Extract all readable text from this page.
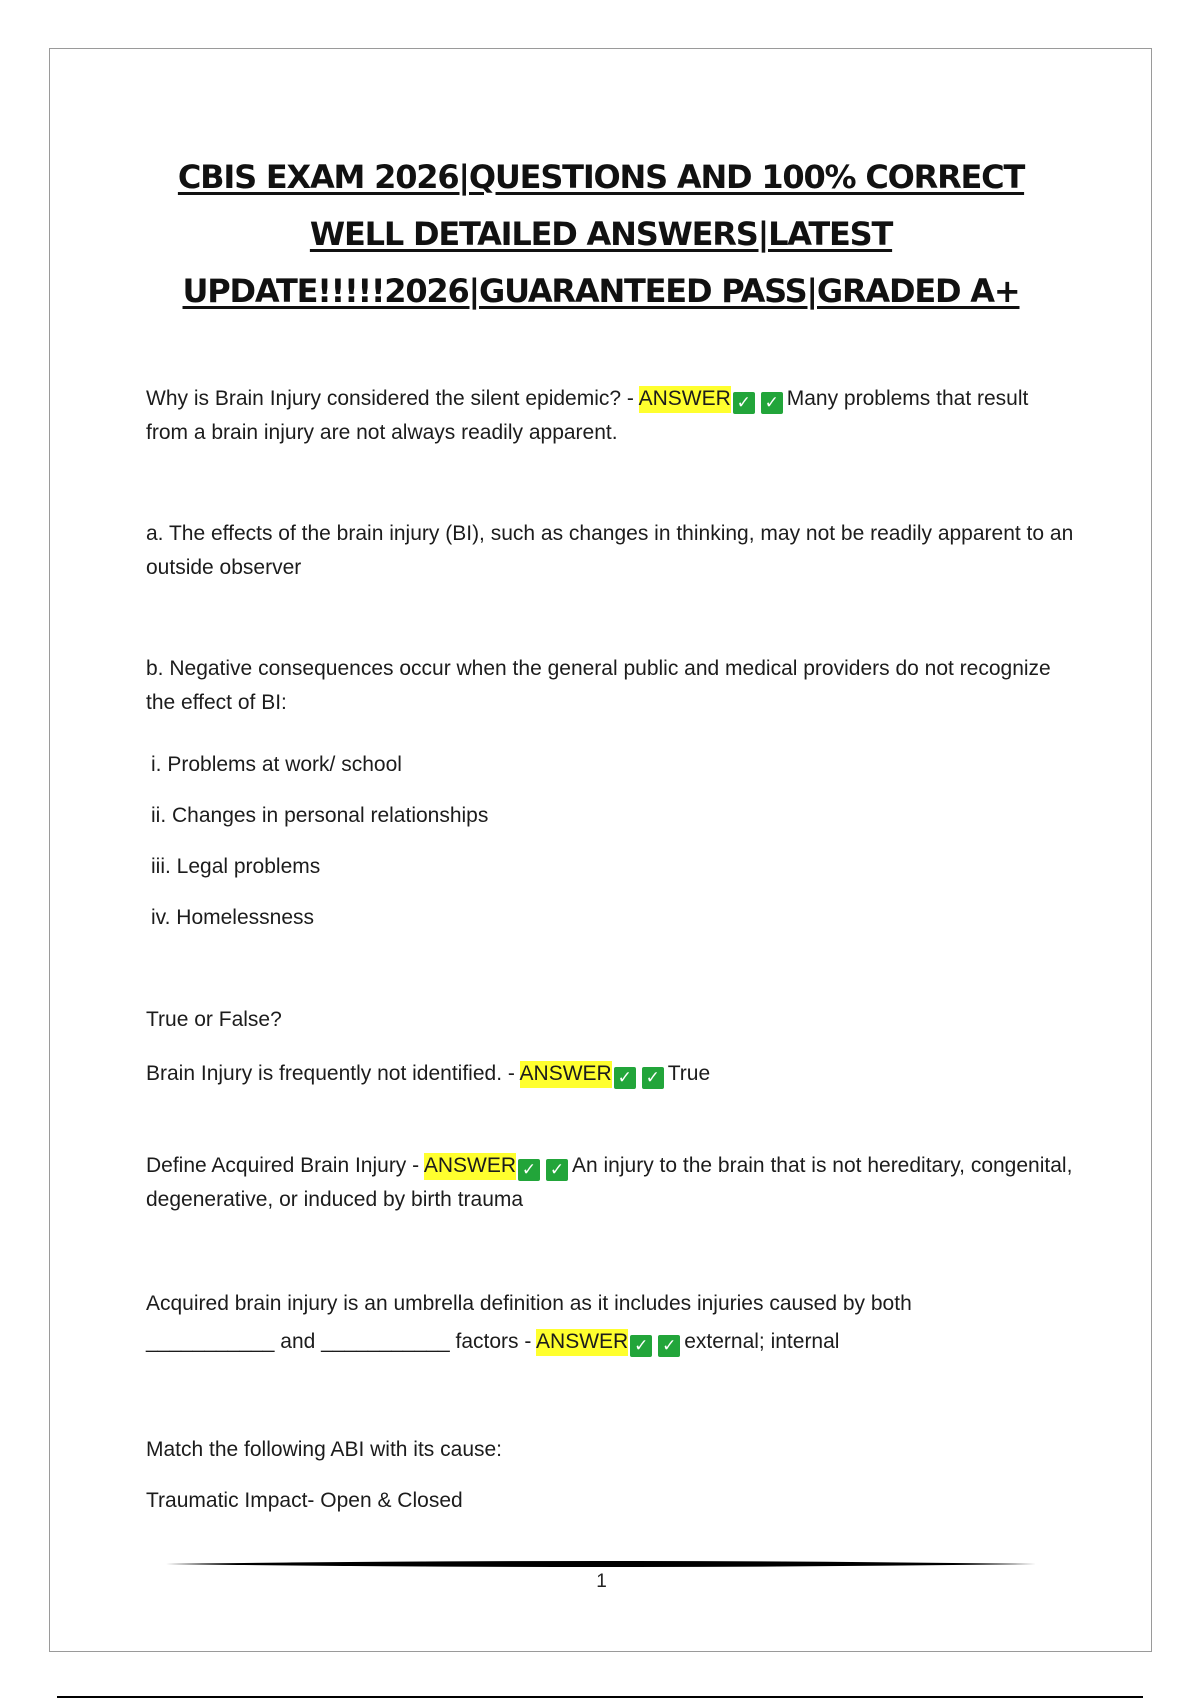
CBIS EXAM 2026|QUESTIONS AND 100% CORRECT
WELL DETAILED ANSWERS|LATEST
UPDATE!!!!!2026|GUARANTEED PASS|GRADED A+

Why is Brain Injury considered the silent epidemic? - ANSWER ✓ ✓ Many problems that result from a brain injury are not always readily apparent.

a. The effects of the brain injury (BI), such as changes in thinking, may not be readily apparent to an outside observer

b. Negative consequences occur when the general public and medical providers do not recognize the effect of BI:

i. Problems at work/ school

ii. Changes in personal relationships

iii. Legal problems

iv. Homelessness

True or False?

Brain Injury is frequently not identified. - ANSWER ✓ ✓ True

Define Acquired Brain Injury - ANSWER ✓ ✓ An injury to the brain that is not hereditary, congenital, degenerative, or induced by birth trauma

Acquired brain injury is an umbrella definition as it includes injuries caused by both

___________ and ___________ factors - ANSWER ✓ ✓ external; internal

Match the following ABI with its cause:

Traumatic Impact- Open & Closed

1
